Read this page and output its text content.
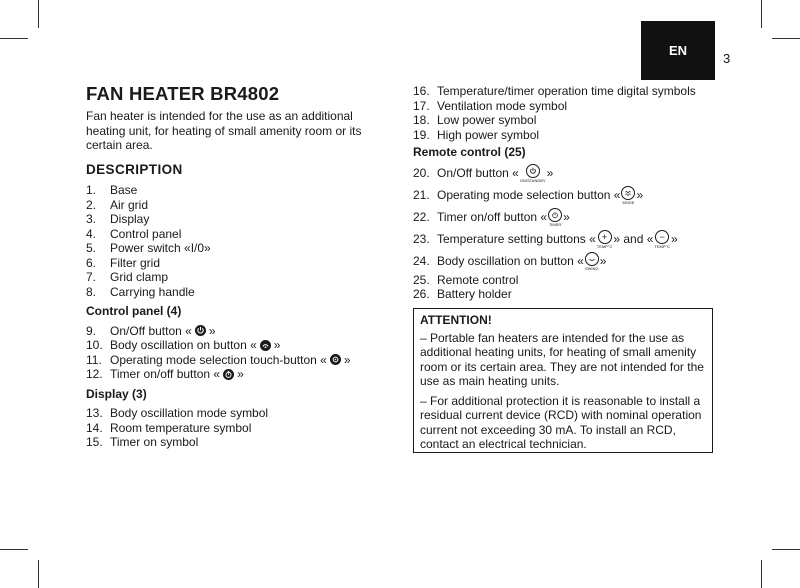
EN
3
FAN HEATER BR4802

Fan heater is intended for the use as an additional heating unit, for heating of small amenity room or its certain area.

DESCRIPTION
1.	Base
2.	Air grid
3.	Display
4.	Control panel
5.	Power switch «I/0»
6.	Filter grid
7.	Grid clamp
8.	Carrying handle
Control panel (4)
9.	On/Off button « »
10. Body oscillation on button « »
11. Operating mode selection touch-button « »
12. Timer on/off button « »
Display (3)
13. Body oscillation mode symbol
14. Room temperature symbol
15. Timer on symbol
16. Temperature/timer operation time digital symbols
17. Ventilation mode symbol
18. Low power symbol
19. High power symbol
Remote control (25)
20. On/Off button «
ON/STANDBY
»
21. Operating mode selection button «
MODE
»
22. Timer on/off button «
TIMER
»
23. Temperature setting buttons « +
TEMP°C
» and « −
TEMP°C
»
24. Body oscillation on button «
SWING
»
25. Remote control
26. Battery holder
ATTENTION!

– Portable fan heaters are intended for the use as additional heating units, for heating of small amenity room or its certain area. They are not intended for the use as main heating units.

– For additional protection it is reasonable to install a residual current device (RCD) with nominal operation current not exceeding 30 mA. To install an RCD, contact an electrical technician.
